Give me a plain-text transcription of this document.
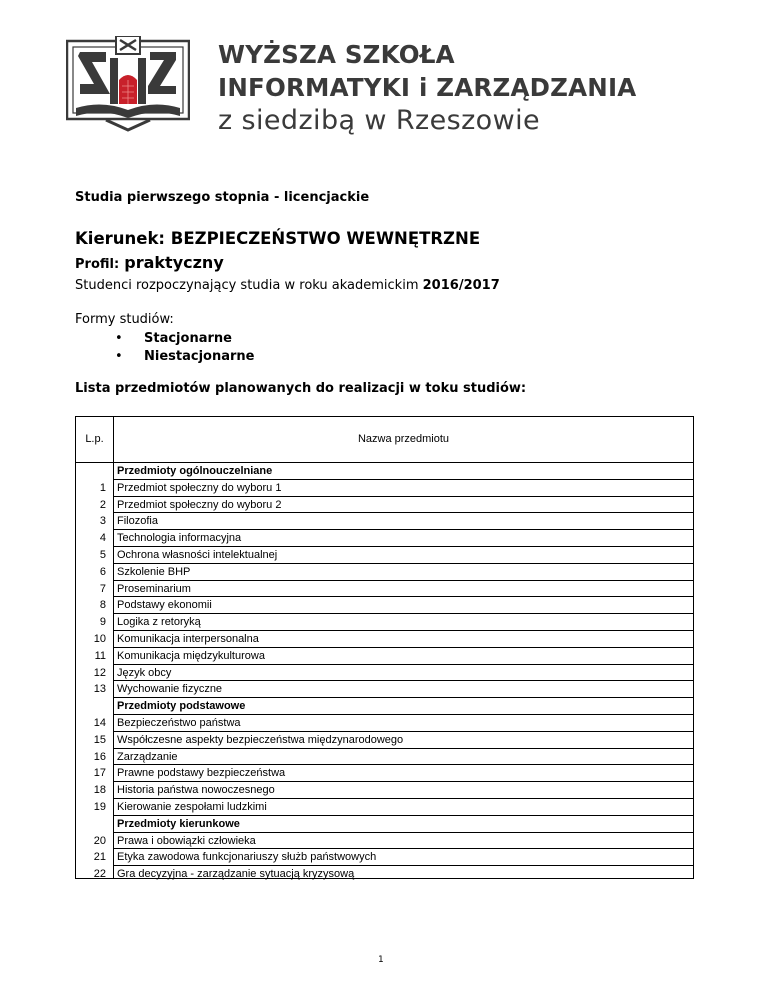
WYŻSZA SZKOŁA
INFORMATYKI i ZARZĄDZANIA
z siedzibą w Rzeszowie
Studia pierwszego stopnia - licencjackie
Kierunek: BEZPIECZEŃSTWO WEWNĘTRZNE
Profil: praktyczny
Studenci rozpoczynający studia w roku akademickim 2016/2017
Formy studiów:
• Stacjonarne
• Niestacjonarne
Lista przedmiotów planowanych do realizacji w toku studiów:
L.p.	Nazwa przedmiotu
Przedmioty ogólnouczelniane
1 Przedmiot społeczny do wyboru 1
2 Przedmiot społeczny do wyboru 2
3 Filozofia
4 Technologia informacyjna
5 Ochrona własności intelektualnej
6 Szkolenie BHP
7 Proseminarium
8 Podstawy ekonomii
9 Logika z retoryką
10 Komunikacja interpersonalna
11 Komunikacja międzykulturowa
12 Język obcy
13 Wychowanie fizyczne
Przedmioty podstawowe
14 Bezpieczeństwo państwa
15 Współczesne aspekty bezpieczeństwa międzynarodowego
16 Zarządzanie
17 Prawne podstawy bezpieczeństwa
18 Historia państwa nowoczesnego
19 Kierowanie zespołami ludzkimi
Przedmioty kierunkowe
20 Prawa i obowiązki człowieka
21 Etyka zawodowa funkcjonariuszy służb państwowych
22 Gra decyzyjna - zarządzanie sytuacją kryzysową
1
